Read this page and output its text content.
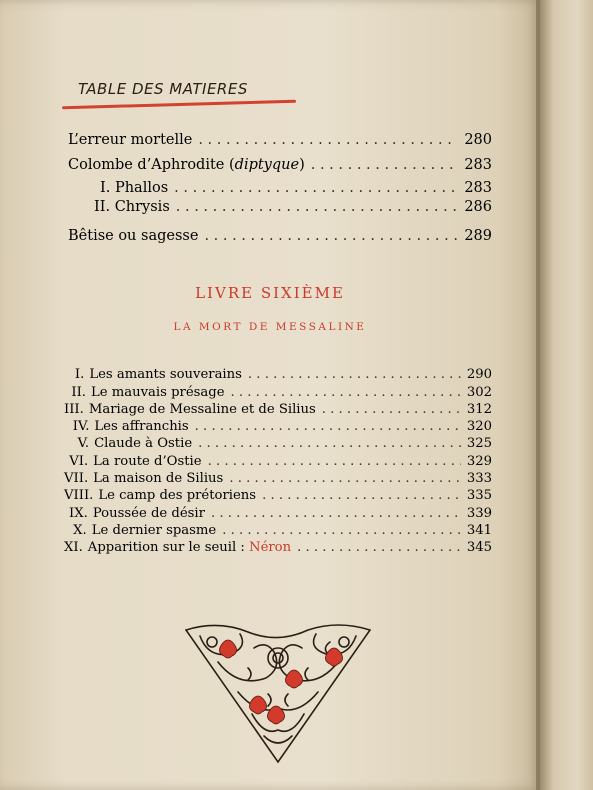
TABLE DES MATIERES
L’erreur mortelle . . .	280
Colombe d’Aphrodite (diptyque) . . .	283
I. Phallos . . .	283
II. Chrysis . . .	286
Bêtise ou sagesse . . .	289
LIVRE SIXIÈME
LA MORT DE MESSALINE
I. Les amants souverains . . .	290
II. Le mauvais présage . . .	302
III. Mariage de Messaline et de Silius . . .	312
IV. Les affranchis . . .	320
V. Claude à Ostie . . .	325
VI. La route d’Ostie . . .	329
VII. La maison de Silius . . .	333
VIII. Le camp des prétoriens . . .	335
IX. Poussée de désir . . .	339
X. Le dernier spasme . . .	341
XI. Apparition sur le seuil : Néron . . .	345
